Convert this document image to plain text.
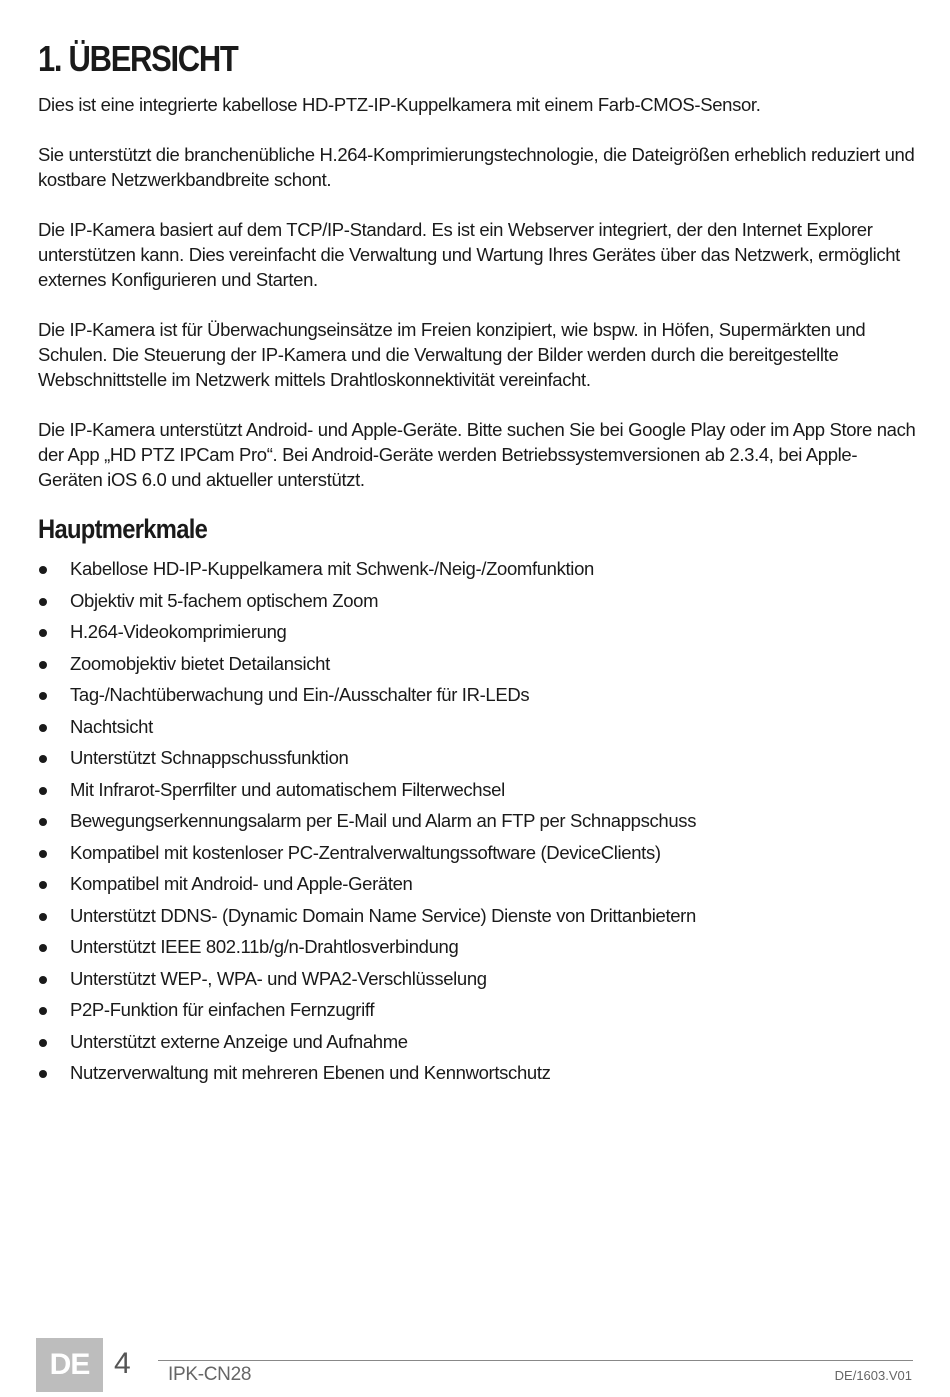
1. ÜBERSICHT

Dies ist eine integrierte kabellose HD-PTZ-IP-Kuppelkamera mit einem Farb-CMOS-Sensor.

Sie unterstützt die branchenübliche H.264-Komprimierungstechnologie, die Dateigrößen erheblich reduziert und kostbare Netzwerkbandbreite schont.

Die IP-Kamera basiert auf dem TCP/IP-Standard. Es ist ein Webserver integriert, der den Internet Explorer unterstützen kann. Dies vereinfacht die Verwaltung und Wartung Ihres Gerätes über das Netzwerk, ermöglicht externes Konfigurieren und Starten.

Die IP-Kamera ist für Überwachungseinsätze im Freien konzipiert, wie bspw. in Höfen, Supermärkten und Schulen. Die Steuerung der IP-Kamera und die Verwaltung der Bilder werden durch die bereitgestellte Webschnittstelle im Netzwerk mittels Drahtloskonnektivität vereinfacht.

Die IP-Kamera unterstützt Android- und Apple-Geräte. Bitte suchen Sie bei Google Play oder im App Store nach der App „HD PTZ IPCam Pro“. Bei Android-Geräte werden Betriebssystemversionen ab 2.3.4, bei Apple-Geräten iOS 6.0 und aktueller unterstützt.

Hauptmerkmale
Kabellose HD-IP-Kuppelkamera mit Schwenk-/Neig-/Zoomfunktion
Objektiv mit 5-fachem optischem Zoom
H.264-Videokomprimierung
Zoomobjektiv bietet Detailansicht
Tag-/Nachtüberwachung und Ein-/Ausschalter für IR-LEDs
Nachtsicht
Unterstützt Schnappschussfunktion
Mit Infrarot-Sperrfilter und automatischem Filterwechsel
Bewegungserkennungsalarm per E-Mail und Alarm an FTP per Schnappschuss
Kompatibel mit kostenloser PC-Zentralverwaltungssoftware (DeviceClients)
Kompatibel mit Android- und Apple-Geräten
Unterstützt DDNS- (Dynamic Domain Name Service) Dienste von Drittanbietern
Unterstützt IEEE 802.11b/g/n-Drahtlosverbindung
Unterstützt WEP-, WPA- und WPA2-Verschlüsselung
P2P-Funktion für einfachen Fernzugriff
Unterstützt externe Anzeige und Aufnahme
Nutzerverwaltung mit mehreren Ebenen und Kennwortschutz
DE 4 IPK-CN28	DE/1603.V01
